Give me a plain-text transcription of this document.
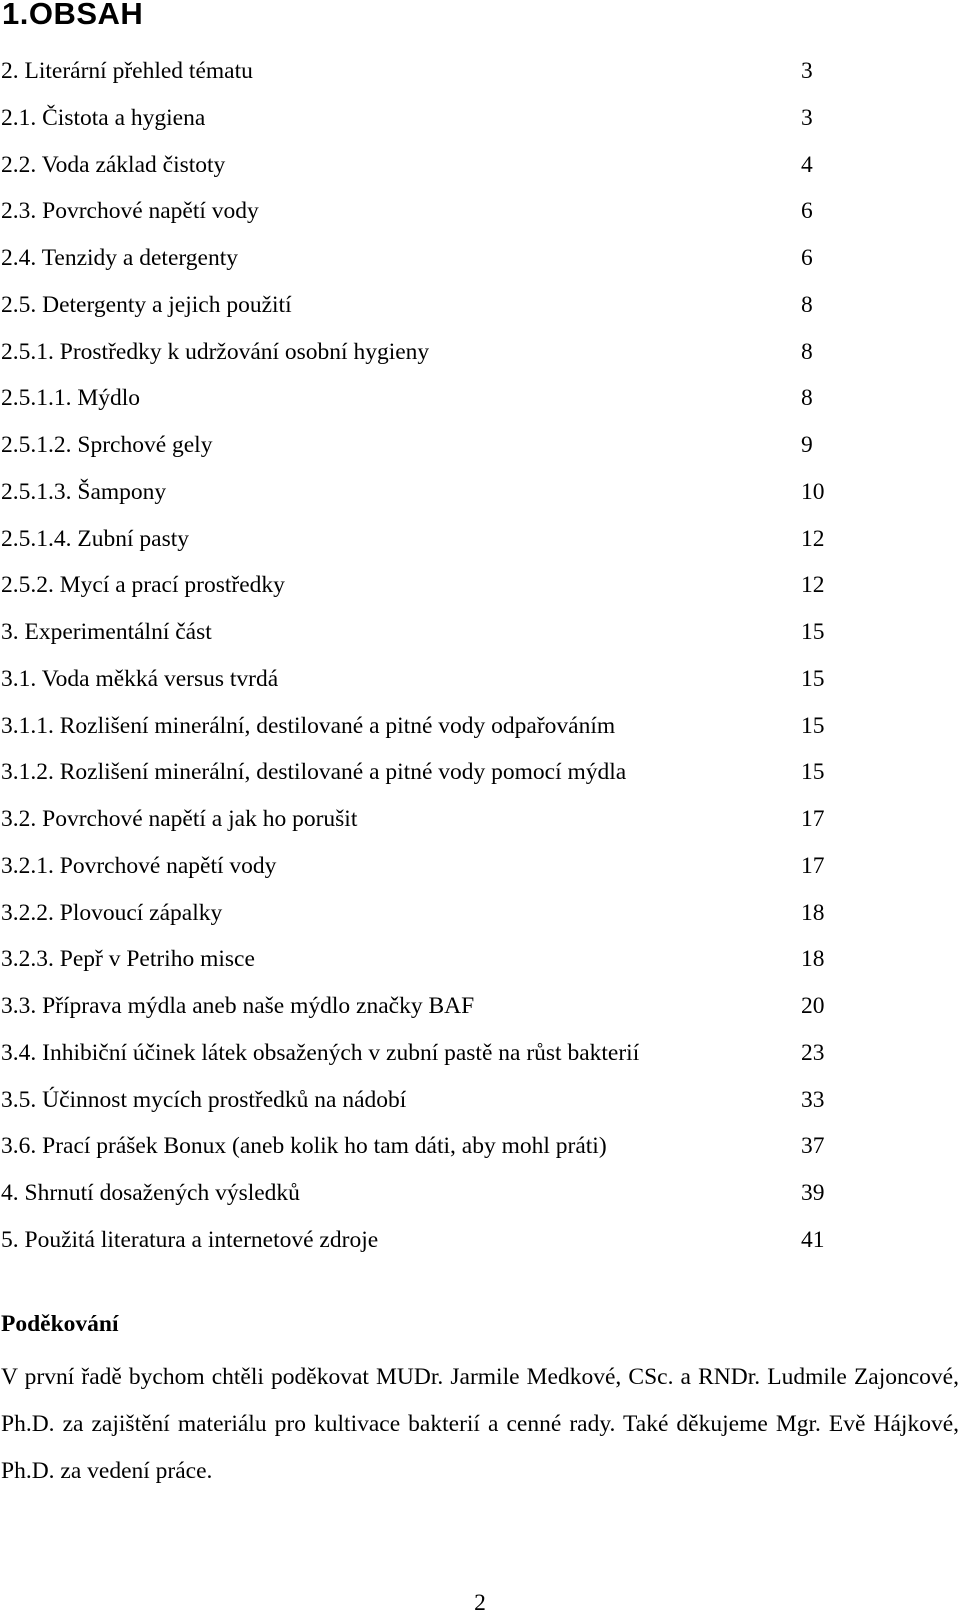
1.OBSAH
2. Literární přehled tématu	3
2.1. Čistota a hygiena	3
2.2. Voda základ čistoty	4
2.3. Povrchové napětí vody	6
2.4. Tenzidy a detergenty	6
2.5. Detergenty a jejich použití	8
2.5.1. Prostředky k udržování osobní hygieny	8
2.5.1.1. Mýdlo	8
2.5.1.2. Sprchové gely	9
2.5.1.3. Šampony	10
2.5.1.4. Zubní pasty	12
2.5.2. Mycí a prací prostředky	12
3. Experimentální část	15
3.1. Voda měkká versus tvrdá	15
3.1.1. Rozlišení minerální, destilované a pitné vody odpařováním	15
3.1.2. Rozlišení minerální, destilované a pitné vody pomocí mýdla	15
3.2. Povrchové napětí a jak ho porušit	17
3.2.1. Povrchové napětí vody	17
3.2.2. Plovoucí zápalky	18
3.2.3. Pepř v Petriho misce	18
3.3. Příprava mýdla aneb naše mýdlo značky BAF	20
3.4. Inhibiční účinek látek obsažených v zubní pastě na růst bakterií	23
3.5. Účinnost mycích prostředků na nádobí	33
3.6. Prací prášek Bonux (aneb kolik ho tam dáti, aby mohl práti)	37
4. Shrnutí dosažených výsledků	39
5. Použitá literatura a internetové zdroje	41
Poděkování

V první řadě bychom chtěli poděkovat MUDr. Jarmile Medkové, CSc. a RNDr. Ludmile Zajoncové, Ph.D. za zajištění materiálu pro kultivace bakterií a cenné rady. Také děkujeme Mgr. Evě Hájkové, Ph.D. za vedení práce.

2
